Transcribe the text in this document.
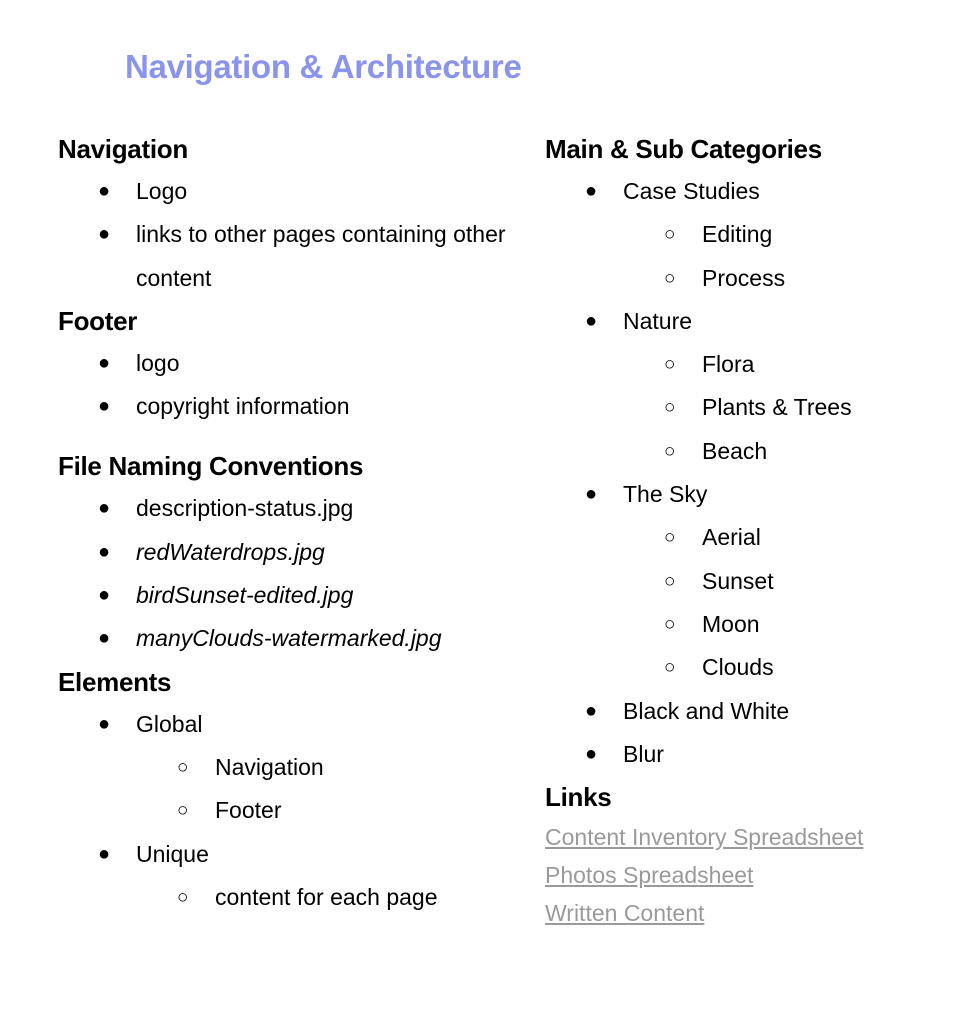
Navigation & Architecture
Navigation
● Logo
● links to other pages containing other content
Footer
● logo
● copyright information
File Naming Conventions
● description-status.jpg
● redWaterdrops.jpg
● birdSunset-edited.jpg
● manyClouds-watermarked.jpg
Elements
● Global
○ Navigation
○ Footer
● Unique
○ content for each page
Main & Sub Categories
● Case Studies
○ Editing
○ Process
● Nature
○ Flora
○ Plants & Trees
○ Beach
● The Sky
○ Aerial
○ Sunset
○ Moon
○ Clouds
● Black and White
● Blur
Links
Content Inventory Spreadsheet
Photos Spreadsheet
Written Content
